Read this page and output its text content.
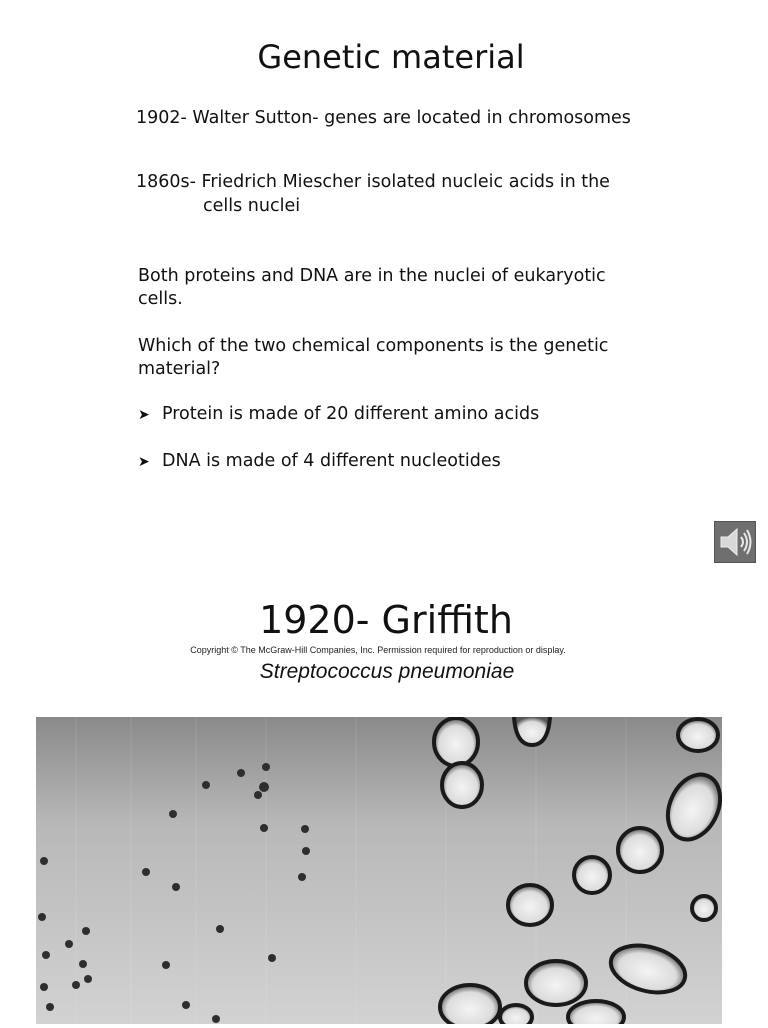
Genetic material
1902- Walter Sutton- genes are located in chromosomes
1860s- Friedrich Miescher isolated nucleic acids in the
cells nuclei
Both proteins and DNA are in the nuclei of eukaryotic
cells.
Which of the two chemical components is the genetic
material?
➤ Protein is made of 20 different amino acids
➤ DNA is made of 4 different nucleotides
1920- Griffith
Copyright © The McGraw-Hill Companies, Inc. Permission required for reproduction or display.
Streptococcus pneumoniae
